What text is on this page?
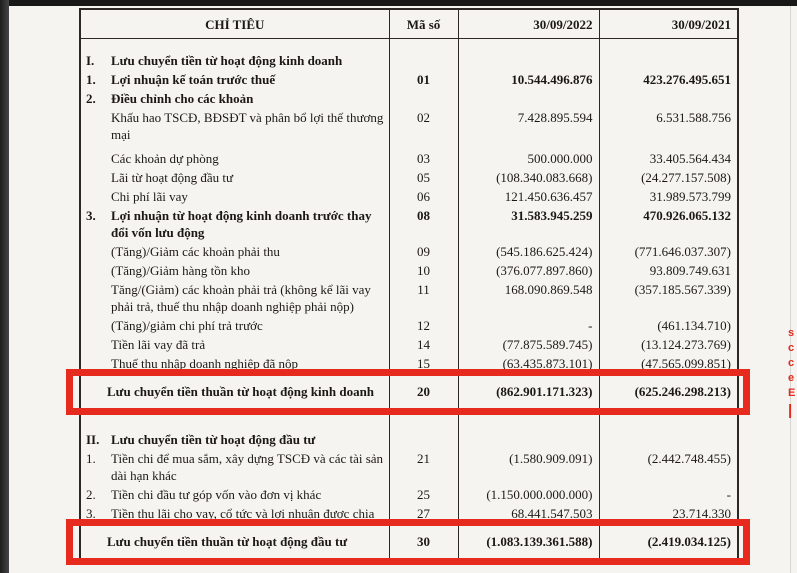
s
c
c
e
E
|
CHỈ TIÊU	Mã số	30/09/2022	30/09/2021

I. Lưu chuyển tiền từ hoạt động kinh doanh			

1. Lợi nhuận kế toán trước thuế	01	10.544.496.876	423.276.495.651

2. Điều chỉnh cho các khoản			

Khấu hao TSCĐ, BĐSĐT và phân bổ lợi thế thương mại	02	7.428.895.594	6.531.588.756

Các khoản dự phòng	03	500.000.000	33.405.564.434

Lãi từ hoạt động đầu tư	05	(108.340.083.668)	(24.277.157.508)

Chi phí lãi vay	06	121.450.636.457	31.989.573.799

3. Lợi nhuận từ hoạt động kinh doanh trước thay đổi vốn lưu động	08	31.583.945.259	470.926.065.132

(Tăng)/Giảm các khoản phải thu	09	(545.186.625.424)	(771.646.037.307)

(Tăng)/Giảm hàng tồn kho	10	(376.077.897.860)	93.809.749.631

Tăng/(Giảm) các khoản phải trả (không kể lãi vay phải trả, thuế thu nhập doanh nghiệp phải nộp)	11	168.090.869.548	(357.185.567.339)

(Tăng)/giảm chi phí trả trước	12	-	(461.134.710)

Tiền lãi vay đã trả	14	(77.875.589.745)	(13.124.273.769)

Thuế thu nhập doanh nghiệp đã nộp	15	(63.435.873.101)	(47.565.099.851)

Lưu chuyển tiền thuần từ hoạt động kinh doanh	20	(862.901.171.323)	(625.246.298.213)

II. Lưu chuyển tiền từ hoạt động đầu tư			

1. Tiền chi để mua sắm, xây dựng TSCĐ và các tài sản dài hạn khác	21	(1.580.909.091)	(2.442.748.455)

2. Tiền chi đầu tư góp vốn vào đơn vị khác	25	(1.150.000.000.000)	-

3. Tiền thu lãi cho vay, cổ tức và lợi nhuận được chia	27	68.441.547.503	23.714.330

Lưu chuyển tiền thuần từ hoạt động đầu tư	30	(1.083.139.361.588)	(2.419.034.125)
